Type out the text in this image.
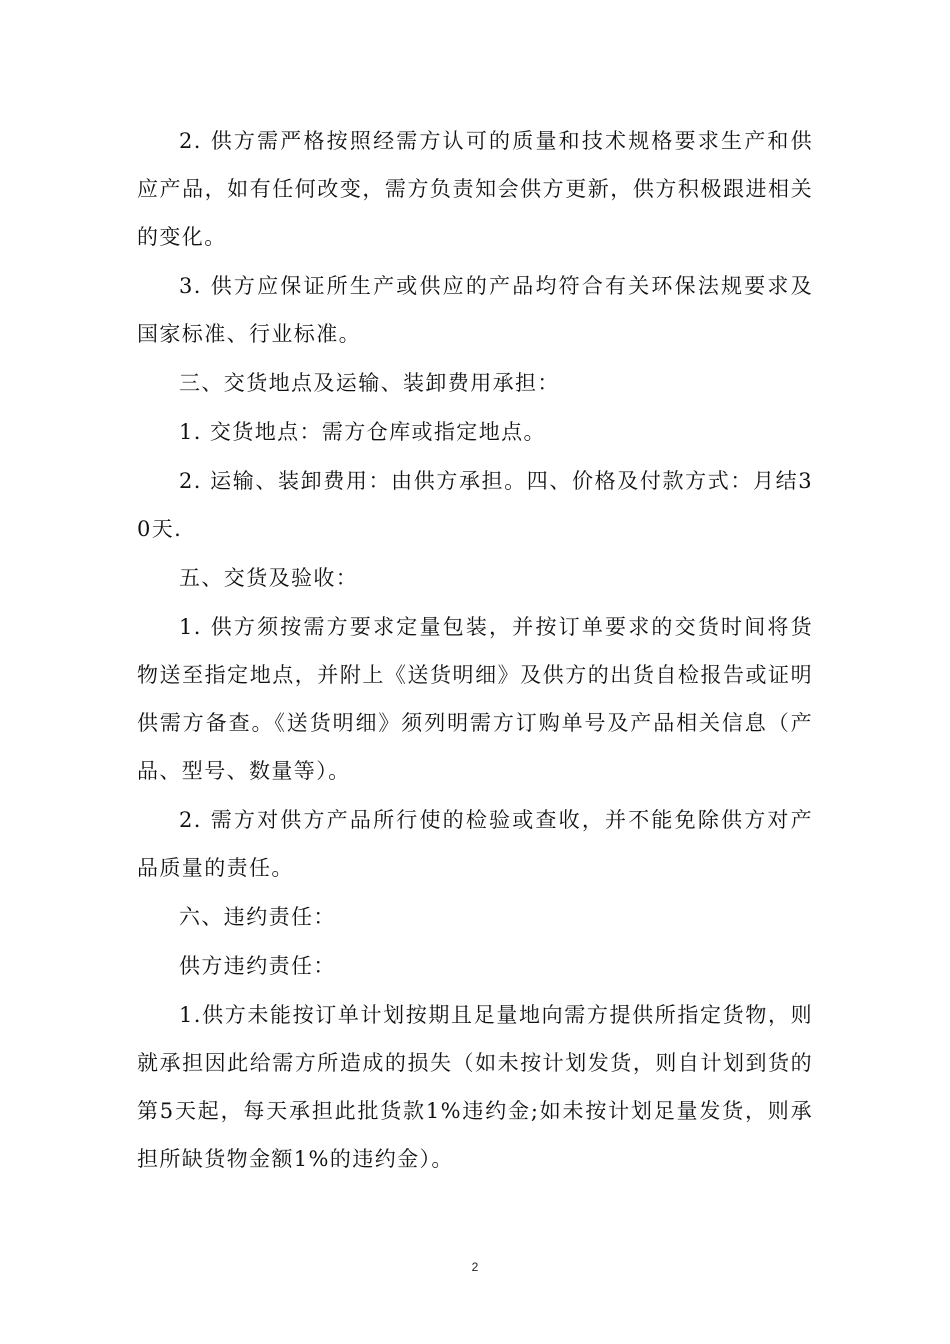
2. 供方需严格按照经需方认可的质量和技术规格要求生产和供应产品，如有任何改变，需方负责知会供方更新，供方积极跟进相关的变化。

3. 供方应保证所生产或供应的产品均符合有关环保法规要求及国家标准、行业标准。

三、交货地点及运输、装卸费用承担：

1. 交货地点：需方仓库或指定地点。

2. 运输、装卸费用：由供方承担。四、价格及付款方式：月结30天.

五、交货及验收：

1. 供方须按需方要求定量包装，并按订单要求的交货时间将货物送至指定地点，并附上《送货明细》及供方的出货自检报告或证明供需方备查。《送货明细》须列明需方订购单号及产品相关信息（产品、型号、数量等）。

2. 需方对供方产品所行使的检验或查收，并不能免除供方对产品质量的责任。

六、违约责任：

供方违约责任：

1.供方未能按订单计划按期且足量地向需方提供所指定货物，则就承担因此给需方所造成的损失（如未按计划发货，则自计划到货的第5天起，每天承担此批货款1%违约金;如未按计划足量发货，则承担所缺货物金额1%的违约金）。

2
